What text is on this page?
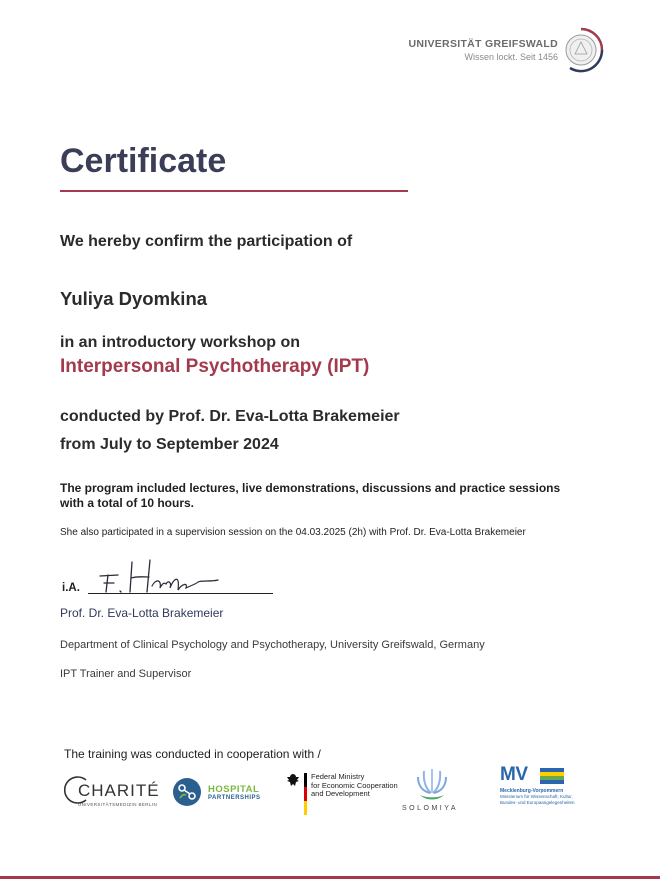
UNIVERSITÄT GREIFSWALD
Wissen lockt. Seit 1456
Certificate
We hereby confirm the participation of
Yuliya Dyomkina
in an introductory workshop on
Interpersonal Psychotherapy (IPT)
conducted by Prof. Dr. Eva-Lotta Brakemeier
from July to September 2024
The program included lectures, live demonstrations, discussions and practice sessions with a total of 10 hours.
She also participated in a supervision session on the 04.03.2025 (2h) with Prof. Dr. Eva-Lotta Brakemeier
i.A.
Prof. Dr. Eva-Lotta Brakemeier
Department of Clinical Psychology and Psychotherapy, University Greifswald, Germany
IPT Trainer and Supervisor
The training was conducted in cooperation with /
CHARITÉ
UNIVERSITÄTSMEDIZIN BERLIN
HOSPITAL
PARTNERSHIPS
Federal Ministry
for Economic Cooperation
and Development
SOLOMIYA
MV
Mecklenburg-Vorpommern
Ministerium für Wissenschaft, Kultur, Bundes- und Europaangelegenheiten
